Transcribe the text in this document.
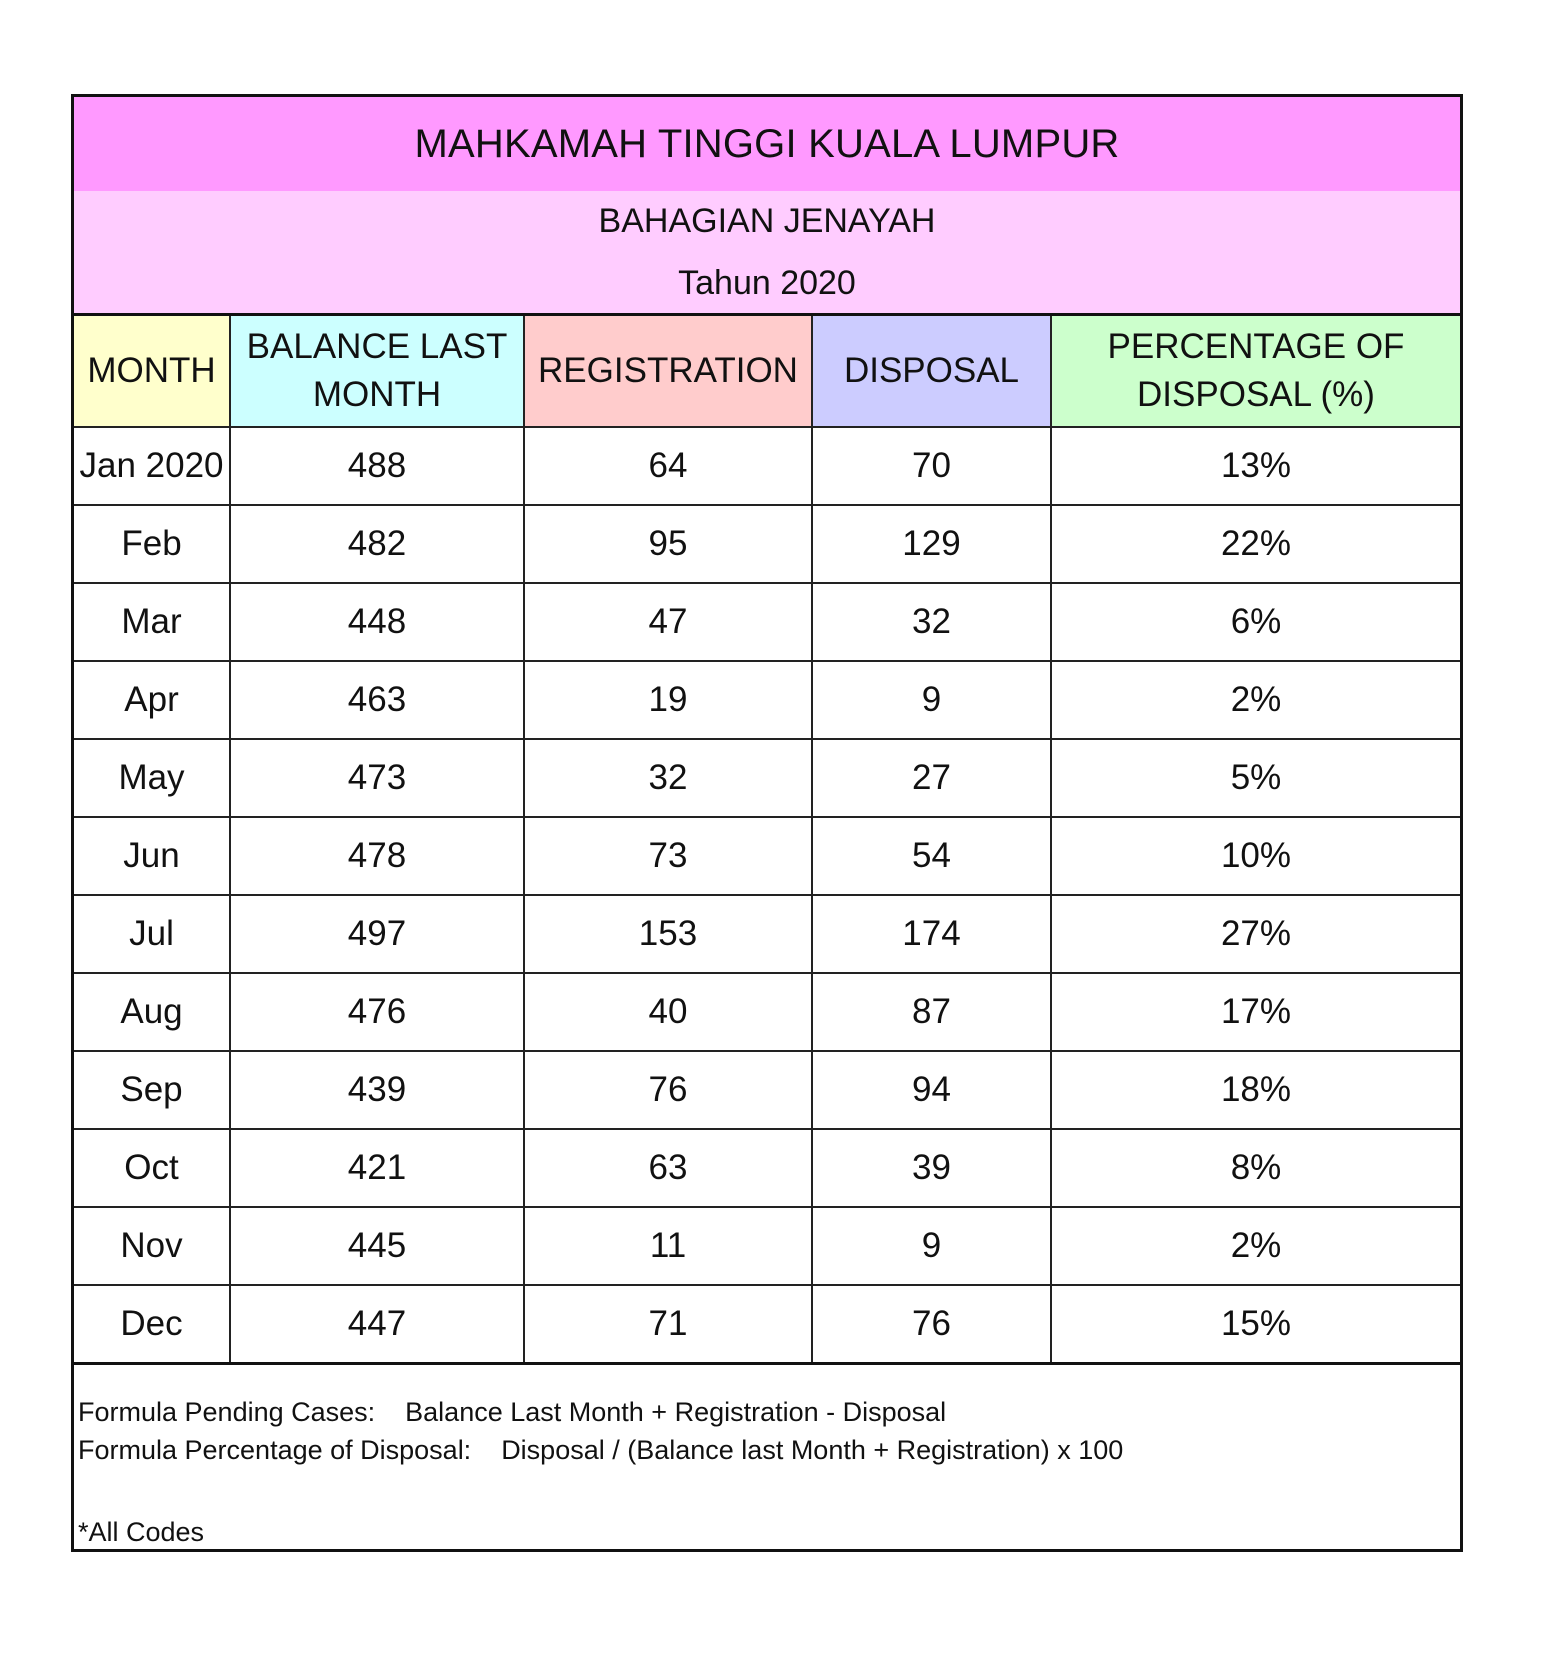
MAHKAMAH TINGGI KUALA LUMPUR
BAHAGIAN JENAYAH
Tahun 2020
MONTH	BALANCE LAST MONTH	REGISTRATION	DISPOSAL	PERCENTAGE OF DISPOSAL (%)
Jan 2020	488	64	70	13%
Feb	482	95	129	22%
Mar	448	47	32	6%
Apr	463	19	9	2%
May	473	32	27	5%
Jun	478	73	54	10%
Jul	497	153	174	27%
Aug	476	40	87	17%
Sep	439	76	94	18%
Oct	421	63	39	8%
Nov	445	11	9	2%
Dec	447	71	76	15%
Formula Pending Cases: Balance Last Month + Registration - Disposal
Formula Percentage of Disposal: Disposal / (Balance last Month + Registration) x 100
*All Codes
